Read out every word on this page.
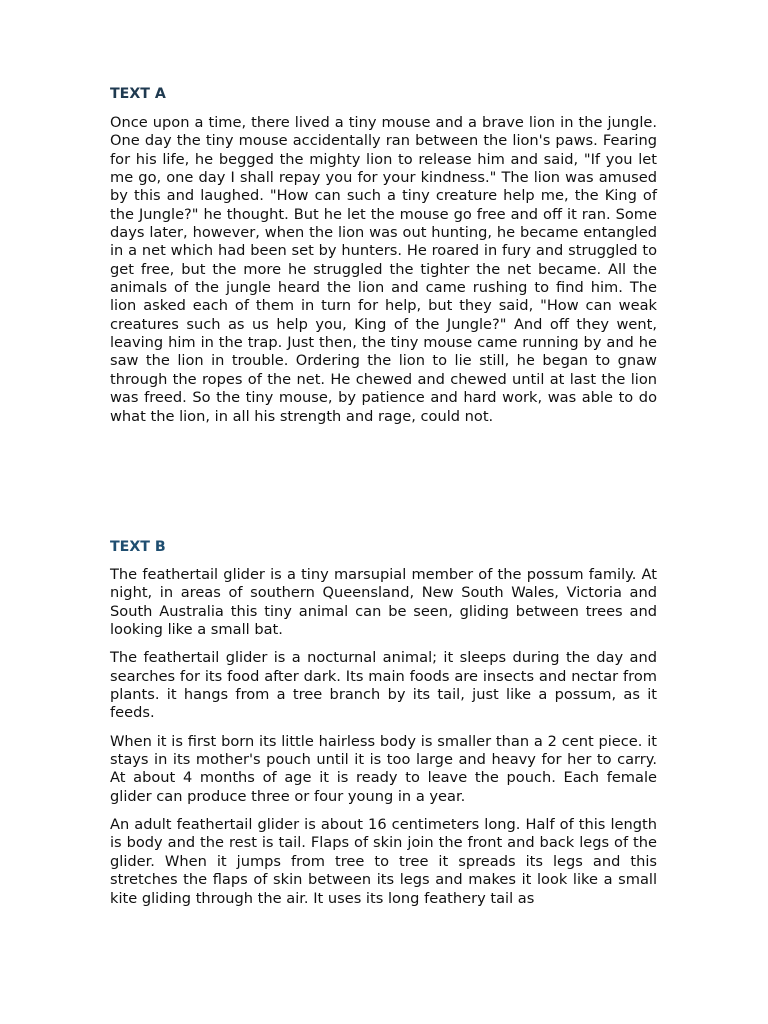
TEXT A

Once upon a time, there lived a tiny mouse and a brave lion in the jungle. One day the tiny mouse accidentally ran between the lion's paws. Fearing for his life, he begged the mighty lion to release him and said, "If you let me go, one day I shall repay you for your kindness." The lion was amused by this and laughed. "How can such a tiny creature help me, the King of the Jungle?" he thought. But he let the mouse go free and off it ran. Some days later, however, when the lion was out hunting, he became entangled in a net which had been set by hunters. He roared in fury and struggled to get free, but the more he struggled the tighter the net became. All the animals of the jungle heard the lion and came rushing to find him. The lion asked each of them in turn for help, but they said, "How can weak creatures such as us help you, King of the Jungle?" And off they went, leaving him in the trap. Just then, the tiny mouse came running by and he saw the lion in trouble. Ordering the lion to lie still, he began to gnaw through the ropes of the net. He chewed and chewed until at last the lion was freed. So the tiny mouse, by patience and hard work, was able to do what the lion, in all his strength and rage, could not.

TEXT B

The feathertail glider is a tiny marsupial member of the possum family. At night, in areas of southern Queensland, New South Wales, Victoria and South Australia this tiny animal can be seen, gliding between trees and looking like a small bat.

The feathertail glider is a nocturnal animal; it sleeps during the day and searches for its food after dark. Its main foods are insects and nectar from plants. it hangs from a tree branch by its tail, just like a possum, as it feeds.

When it is first born its little hairless body is smaller than a 2 cent piece. it stays in its mother's pouch until it is too large and heavy for her to carry. At about 4 months of age it is ready to leave the pouch. Each female glider can produce three or four young in a year.

An adult feathertail glider is about 16 centimeters long. Half of this length is body and the rest is tail. Flaps of skin join the front and back legs of the glider. When it jumps from tree to tree it spreads its legs and this stretches the flaps of skin between its legs and makes it look like a small kite gliding through the air. It uses its long feathery tail as
